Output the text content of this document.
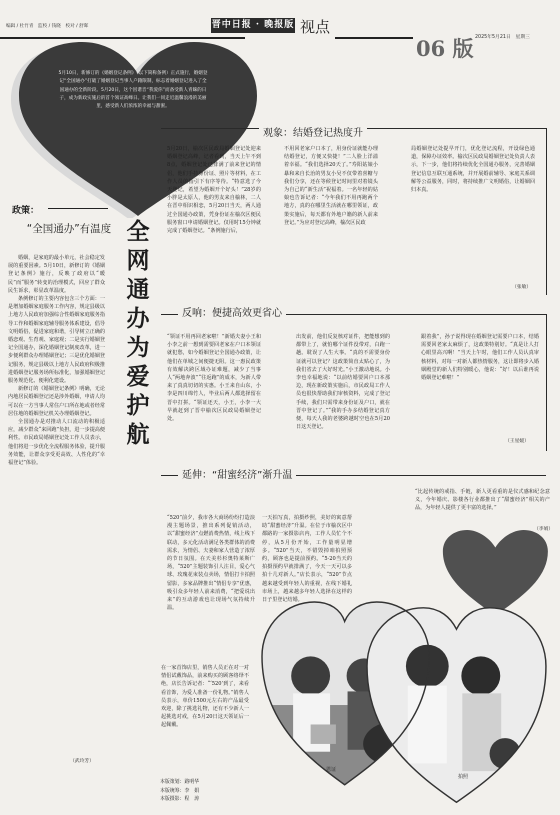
编辑 / 杜竹青　监校 / 钱晓　校对 / 舒晖	晋中日报 · 晚报版 视点
06 版 2025年5月21日　星期三
5月10日，新修订的《婚姻登记条例》（以下简称条例）正式施行，婚姻登记“全国通办”打破了婚姻登记当事人户籍限制，标志着婚姻登记进入了全国通办的全新阶段。5月20日，这个因谐音“我爱你”而备受新人青睐的日子，成为新政实施后的首个领证高峰日。让我们一同走近温馨浪漫的美丽里，感受新人们浓浓的幸福与甜蜜。
政策：
“全国通办”有温度

婚姻，是家庭的最小单元，社会稳定发展的重要因素。5月10日，新修订的《婚姻登记条例》施行，反映了政府以“暖民”而“服务”转变的治理模式，回应了群众民生诉求，彰显改革温度。

条例修订的主要内容包含三个方面：一是增加婚姻家庭服务工作内容，规定县级以上地方人民政府加强综合性婚姻家庭服务指导工作和婚姻家庭辅导服务体系建设，倡导文明婚俗，促进家庭和谐，引导树立正确的婚恋观、生育观、家庭观；二是实行婚姻登记全国通办，深化婚姻登记制度改革，进一步便利群众办理婚姻登记；三是优化婚姻登记服务，规定县级以上地方人民政府积极推进婚姻登记服务场所标准化，加强婚姻登记服务规范化、便利化建设。

新修订的《婚姻登记条例》明确，无论内地居民婚姻登记还是涉外婚姻，申请人均可以在一方当事人常住户口所在地或者经常居住地的婚姻登记机关办理婚姻登记。

全国通办是对推动人口流动的积极适应，减少群众“来回跑”负担，进一步提高便利性。市民政局婚姻登记处工作人员表示，他们将进一步优化全流程服务体验，提升服务效能，让群众享受更高效、人性化的“幸福登记”体验。

（武玲芳）
全网通办 为爱护航
观象：结婚登记热度升
5月20日，榆次区民政局婚姻登记处迎来婚姻登记高峰，记者看到，当天上午不到8点，婚姻登记处已排满了前来登记的情侣，他们手持身份证、照片等材料，在工作人员的指引下有序等待。“特意选了今天登记，希望为婚姻开个好头！”28岁的小胖是太原人，他的男友来自榆林，二人在晋中相识相恋，5月20日当天，两人通过全国通办政策，凭身份证在榆次区便民服务窗口申请婚姻登记。仅用时15分钟就完成了婚姻登记。“条例施行后，
不用回老家户口本了，用身份证就能办理结婚登记，方便又快捷！”二人脸上洋溢着幸福。“我们选择20天了。”寿阳姑娘小暴和来自长治的男友小吴不仅带着喜糖与我们分享，还在等候登记时间里对着镜头为自己的“新生活”祝福着。一名年轻的姑娘也告诉记者：“今年我们不用再跑两个地方，真的在哪里生活就在哪里领证，政策实施后，每天都有外地户籍的新人前来登记。”为应对登记高峰，榆次区民政
局婚姻登记处提早开门，优化登记流程，开设绿色通道，保障办证效率。榆次区民政局婚姻登记处负责人表示，下一步，他们将持续优化全国通办服务，完善婚姻登记信息互联互通系统，并开展婚前辅导、家庭关系调解等公益服务，同时，将持续推广文明婚俗，让婚姻回归本真。
（张敏）
反响：便捷高效更省心
“领证不用再回老家啦！”新婚夫妻小王和小李之前一想到需要回老家在户口本领证就犯愁，如今婚姻登记全国通办政策，让他们在单城之间便捷无阻。这一惠民政策有效解决跨区域办证难题，减少了当事人“两地奔波”“往返跑”的成本，为新人带来了真真切切的实惠。小王来自山东，小李是四川绵竹人，毕业后两人都选择留在晋中打拼。“领证还天，小王，小李一大早就赶到了晋中榆次区民政局婚姻登记处。
出发前，他们反复核对证件，把能想到的都带上了，就怕哪个证件没带对，白跑一趟。耽误了人生大事。“真的不需要身份证就可以登记？这政策简直太贴心了，为我们省去了大好时光。”小王激动地说。小李也幸福地说：“以前结婚要回户口本那边，现在新政策实施后，市民政局工作人员也很快帮助我们审核资料，完成了登记手续，我们只需带来身份证及户口，就在晋中登记了。”“我的手办多结婚登记真方便，每天人我的老婆跨越时空也在5月20日这天登记。
跟着我”，孙子说得现在婚姻登记需要户口本，结婚需要回老家太麻烦了，这政策特别好。“真是让人打心眼里高兴啊！”当天上午时，他们工作人员认真审核材料，对每一对新人都热情服务，这让即将步入婚姻殿堂的新人们特别暖心，他说：“好！以后谁再说婚姻登记难啦！”
（王星媛）
延伸：“甜蜜经济”渐升温
“520”前夕，我市各大商场纷纷打造浪漫主题场景，推出系列促销活动，以“甜蜜经济”点燃消费热情，线上线下联动，多元化活动满足各类群体的消费需求，为情侣、夫妻和家人营造了浓厚的节日氛围。在天美杉杉奥特莱斯广场，“520”主题装饰引人注目，爱心气球、玫瑰花束装点卖场，情侣打卡拍照留影，多家品牌推出“情侣专享”优惠，吸引众多年轻人前来消费，“把爱说出来”的互动游戏也让现场气氛持续升温。
在一家首饰店里，销售人员正在对一对情侣试戴饰品，前来购买的顾客络绎不绝，店长告诉记者：“‘520’到了，来看看首饰，为爱人准备一份礼物。”销售人员表示，单价1500元左右的产品最受欢迎，除了挑选礼物，还有不少新人一起挑选对戒，在5月20日这天领证后一起佩戴。
一天拍写真，拍摄纱照，美好的寓意帮助“甜蜜经济”升温。在位于市榆次区中都路的一家摄影店内，工作人员忙个不停，从5月份开始，工作量明显增多。“520”当天，不错毁掉咱拍照预约，顾客也是提前预约。“5·20当天的拍摄预约早就排满了，今天一天可以多拍十几对新人。”店长表示，“520”节点越来越受到年轻人的重视，在线下婚礼市场上，越来越多年轻人选择在这样的日子里登记结婚。
“比起传统的戒指、手链，新人更看重的是仪式感和纪念意义，今年婚庆、影楼各行业都推出了“甜蜜经济”相关的产品，为年轻人提供了更丰富的选择。”
（李娟）
恩证
拍照
本版策划：路明华
本版统筹：李　娟
本版摄影：程　涛
